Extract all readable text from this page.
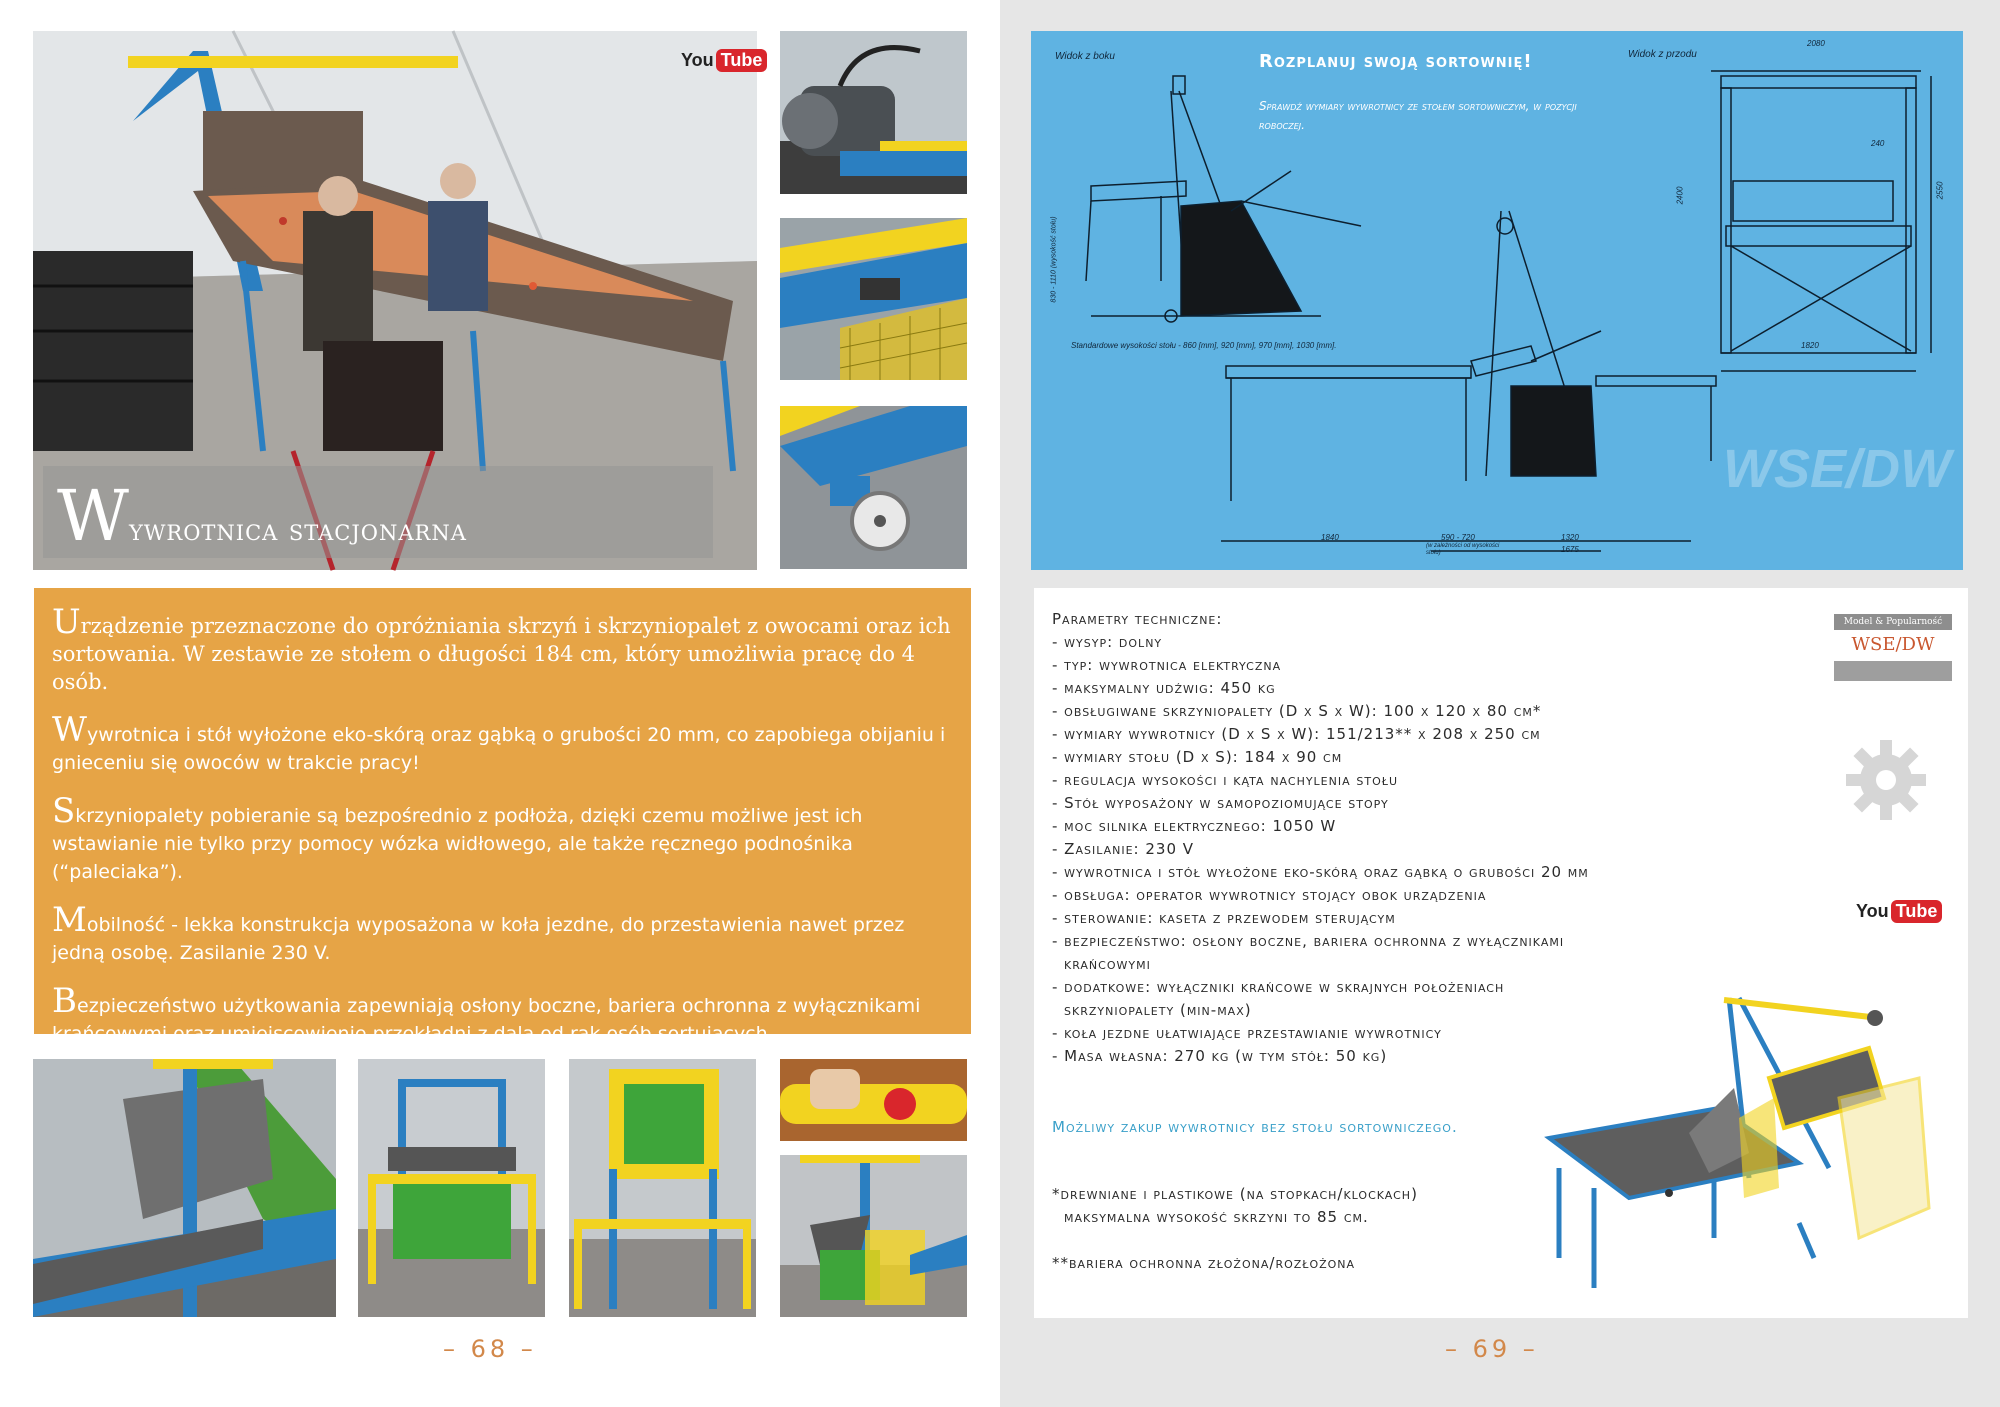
You Tube
Wywrotnica stacjonarna

Urządzenie przeznaczone do opróżniania skrzyń i skrzyniopalet z owocami oraz ich sortowania. W zestawie ze stołem o długości 184 cm, który umożliwia pracę do 4 osób.

Wywrotnica i stół wyłożone eko-skórą oraz gąbką o grubości 20 mm, co zapobiega obijaniu i gnieceniu się owoców w trakcie pracy!

Skrzyniopalety pobieranie są bezpośrednio z podłoża, dzięki czemu możliwe jest ich wstawianie nie tylko przy pomocy wózka widłowego, ale także ręcznego podnośnika (“paleciaka”).

Mobilność - lekka konstrukcja wyposażona w koła jezdne, do przestawienia nawet przez jedną osobę. Zasilanie 230 V.

Bezpieczeństwo użytkowania zapewniają osłony boczne, bariera ochronna z wyłącznikami krańcowymi oraz umiejscowienie przekładni z dala od rąk osób sortujących.

– 68 –
Rozplanuj swoją sortownię!
Sprawdź wymiary wywrotnicy ze stołem sortowniczym, w pozycji roboczej.
Widok z boku	Widok z przodu
Standardowe wysokości stołu - 860 [mm], 920 [mm], 970 [mm], 1030 [mm].
2080
240
2400	2550
1820
830 - 1110 (wysokość stołu)
1840	590 - 720
(w zależności od wysokości stołu)
1320
1675
WSE/DW
Parametry techniczne:
- wysyp: dolny
- typ: wywrotnica elektryczna
- maksymalny udźwig: 450 kg
- obsługiwane skrzyniopalety (D x S x W): 100 x 120 x 80 cm*
- wymiary wywrotnicy (D x S x W): 151/213** x 208 x 250 cm
- wymiary stołu (D x S): 184 x 90 cm
- regulacja wysokości i kąta nachylenia stołu
- Stół wyposażony w samopoziomujące stopy
- moc silnika elektrycznego: 1050 W
- Zasilanie: 230 V
- wywrotnica i stół wyłożone eko-skórą oraz gąbką o grubości 20 mm
- obsługa: operator wywrotnicy stojący obok urządzenia
- sterowanie: kaseta z przewodem sterującym
- bezpieczeństwo: osłony boczne, bariera ochronna z wyłącznikami
krańcowymi
- dodatkowe: wyłączniki krańcowe w skrajnych położeniach
skrzyniopalety (min-max)
- koła jezdne ułatwiające przestawianie wywrotnicy
- Masa własna: 270 kg (w tym stół: 50 kg)
Możliwy zakup wywrotnicy bez stołu sortowniczego.
*drewniane i plastikowe (na stopkach/klockach)
maksymalna wysokość skrzyni to 85 cm.
**bariera ochronna złożona/rozłożona
Model & Popularność
WSE/DW
You Tube
– 69 –
